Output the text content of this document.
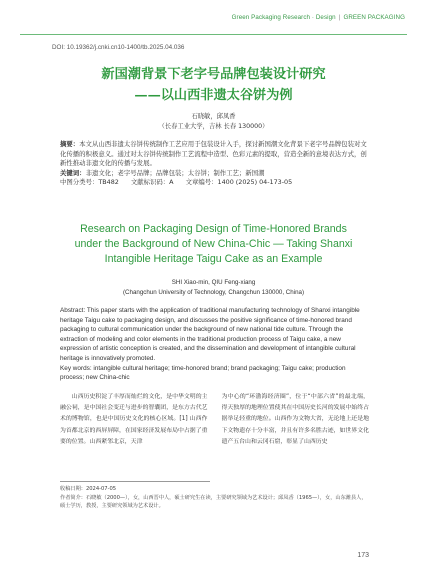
Green Packaging Research · Design | GREEN PACKAGING
DOI: 10.19362/j.cnki.cn10-1400/tb.2025.04.036
新国潮背景下老字号品牌包装设计研究
——以山西非遗太谷饼为例
石晓敏，邱凤香
（长春工业大学，吉林 长春 130000）

摘要：本文从山西非遗太谷饼传统制作工艺应用于包装设计入手，探讨新国潮文化背景下老字号品牌包装对文化传播的积极意义。通过对太谷饼传统制作工艺流程中造型、色彩元素的提取，营造全新的意境表达方式，创新性推动非遗文化的传播与发展。

关键词：非遗文化；老字号品牌；品牌包装；太谷饼；制作工艺；新国潮

中图分类号：TB482 文献标识码：A 文章编号：1400 (2025) 04-173-05

Research on Packaging Design of Time-Honored Brands
under the Background of New China-Chic — Taking Shanxi
Intangible Heritage Taigu Cake as an Example
SHI Xiao-min, QIU Feng-xiang
(Changchun University of Technology, Changchun 130000, China)

Abstract: This paper starts with the application of traditional manufacturing technology of Shanxi intangible heritage Taigu cake to packaging design, and discusses the positive significance of time-honored brand packaging to cultural communication under the background of new national tide culture. Through the extraction of modeling and color elements in the traditional production process of Taigu cake, a new expression of artistic conception is created, and the dissemination and development of intangible cultural heritage is innovatively promoted.

Key words: intangible cultural heritage; time-honored brand; brand packaging; Taigu cake; production process; new China-chic

山西历史积淀了丰厚而灿烂的文化，是中华文明的主融公祠，是中国社会变迁与进步的智囊团，是东方古代艺术的博物馆，也是中国历史文化的核心区域。[1] 山西作为首都北京的西屏屏障，在国家经济发展布局中占据了重要的位置。山西紧邻北京，天津

为中心的“环渤海经济圈”，位于“中部六省”的最北端，得天独厚的地理位置使其在中国历史长河的发展中始终占据举足轻重的地位。山西作为文物大省，无论地上还是地下文物遗存十分丰富，并且有许多名胜古迹，如世界文化遗产五台山和云冈石窟，彰显了山西历史

收稿日期：2024-07-05

作者简介：石晓敏（2000—），女，山西晋中人，硕士研究生在读，主要研究领域为艺术设计；邱凤香（1965—），女，山东潍县人，硕士学历，教授，主要研究领域为艺术设计。

173
